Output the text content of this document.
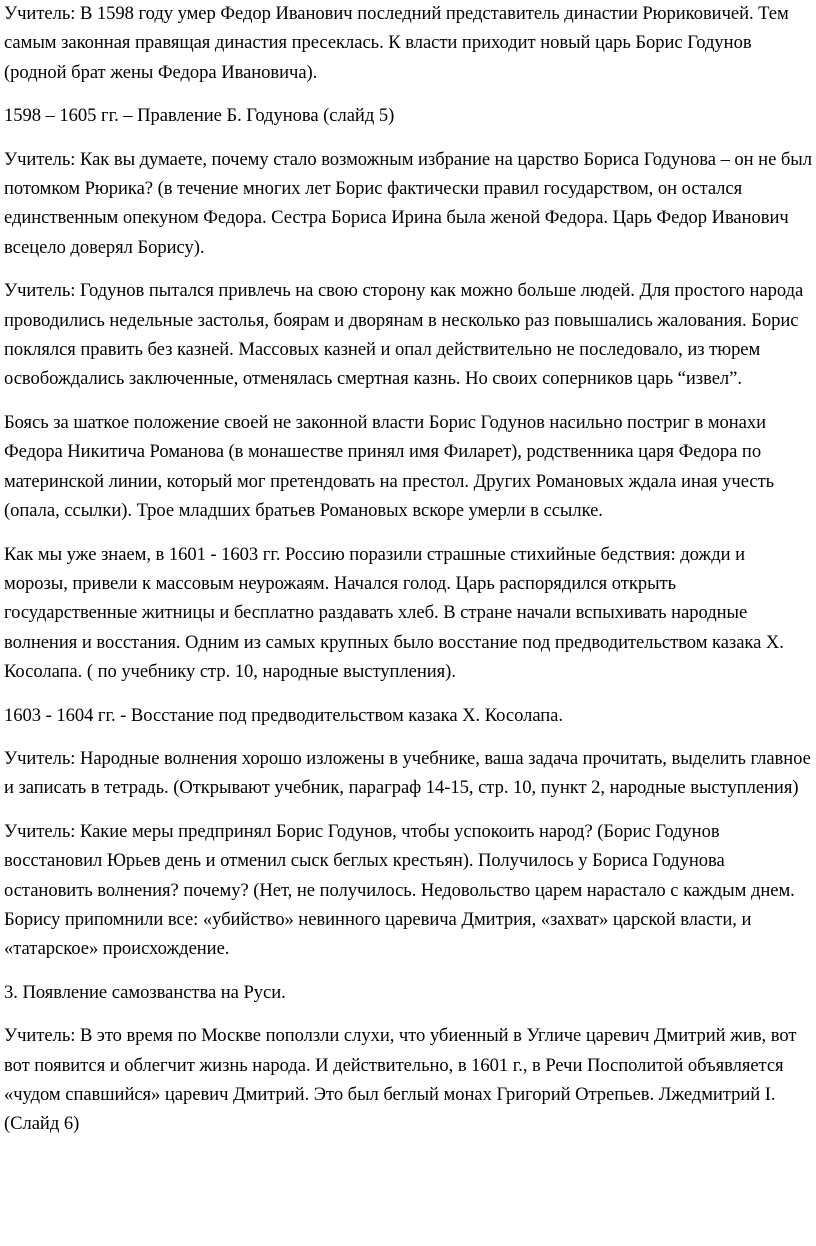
Учитель: В 1598 году умер Федор Иванович последний представитель династии Рюриковичей. Тем самым законная правящая династия пресеклась. К власти приходит новый царь Борис Годунов (родной брат жены Федора Ивановича).

1598 – 1605 гг. – Правление Б. Годунова (слайд 5)

Учитель: Как вы думаете, почему стало возможным избрание на царство Бориса Годунова – он не был потомком Рюрика? (в течение многих лет Борис фактически правил государством, он остался единственным опекуном Федора. Сестра Бориса Ирина была женой Федора. Царь Федор Иванович всецело доверял Борису).

Учитель: Годунов пытался привлечь на свою сторону как можно больше людей. Для простого народа проводились недельные застолья, боярам и дворянам в несколько раз повышались жалования. Борис поклялся править без казней. Массовых казней и опал действительно не последовало, из тюрем освобождались заключенные, отменялась смертная казнь. Но своих соперников царь “извел”.

Боясь за шаткое положение своей не законной власти Борис Годунов насильно постриг в монахи Федора Никитича Романова (в монашестве принял имя Филарет), родственника царя Федора по материнской линии, который мог претендовать на престол. Других Романовых ждала иная учесть (опала, ссылки). Трое младших братьев Романовых вскоре умерли в ссылке.

Как мы уже знаем, в 1601 - 1603 гг. Россию поразили страшные стихийные бедствия: дожди и морозы, привели к массовым неурожаям. Начался голод. Царь распорядился открыть государственные житницы и бесплатно раздавать хлеб. В стране начали вспыхивать народные волнения и восстания. Одним из самых крупных было восстание под предводительством казака Х. Косолапа. ( по учебнику стр. 10, народные выступления).

1603 - 1604 гг. - Восстание под предводительством казака Х. Косолапа.

Учитель: Народные волнения хорошо изложены в учебнике, ваша задача прочитать, выделить главное и записать в тетрадь. (Открывают учебник, параграф 14-15, стр. 10, пункт 2, народные выступления)

Учитель: Какие меры предпринял Борис Годунов, чтобы успокоить народ? (Борис Годунов восстановил Юрьев день и отменил сыск беглых крестьян). Получилось у Бориса Годунова остановить волнения? почему? (Нет, не получилось. Недовольство царем нарастало с каждым днем. Борису припомнили все: «убийство» невинного царевича Дмитрия, «захват» царской власти, и «татарское» происхождение.

3. Появление самозванства на Руси.

Учитель: В это время по Москве поползли слухи, что убиенный в Угличе царевич Дмитрий жив, вот вот появится и облегчит жизнь народа. И действительно, в 1601 г., в Речи Посполитой объявляется «чудом спавшийся» царевич Дмитрий. Это был беглый монах Григорий Отрепьев. Лжедмитрий I. (Слайд 6)
